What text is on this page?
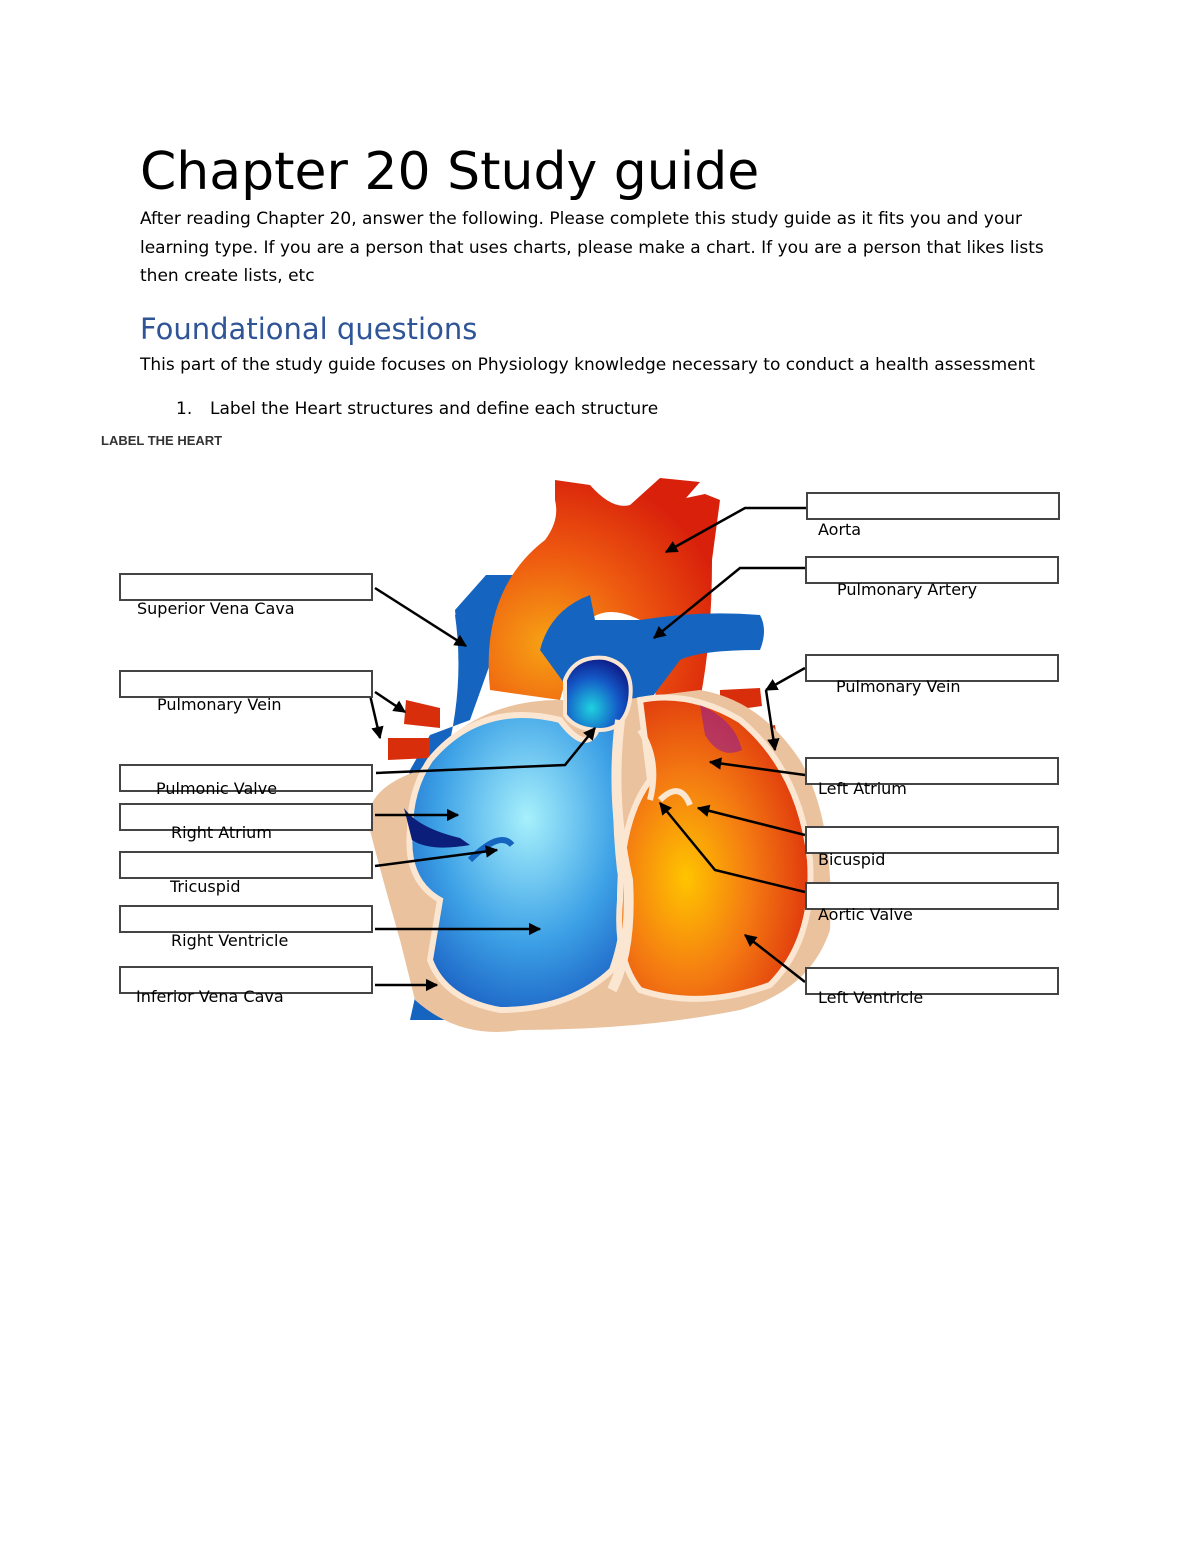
Chapter 20 Study guide
After reading Chapter 20, answer the following. Please complete this study guide as it fits you and your learning type. If you are a person that uses charts, please make a chart. If you are a person that likes lists then create lists, etc
Foundational questions
This part of the study guide focuses on Physiology knowledge necessary to conduct a health assessment
1. Label the Heart structures and define each structure
LABEL THE HEART
Superior Vena Cava
Pulmonary Vein
Pulmonic Valve
Right Atrium
Tricuspid
Right Ventricle
Inferior Vena Cava
Aorta
Pulmonary Artery
Pulmonary Vein
Left Atrium
Bicuspid
Aortic Valve
Left Ventricle
